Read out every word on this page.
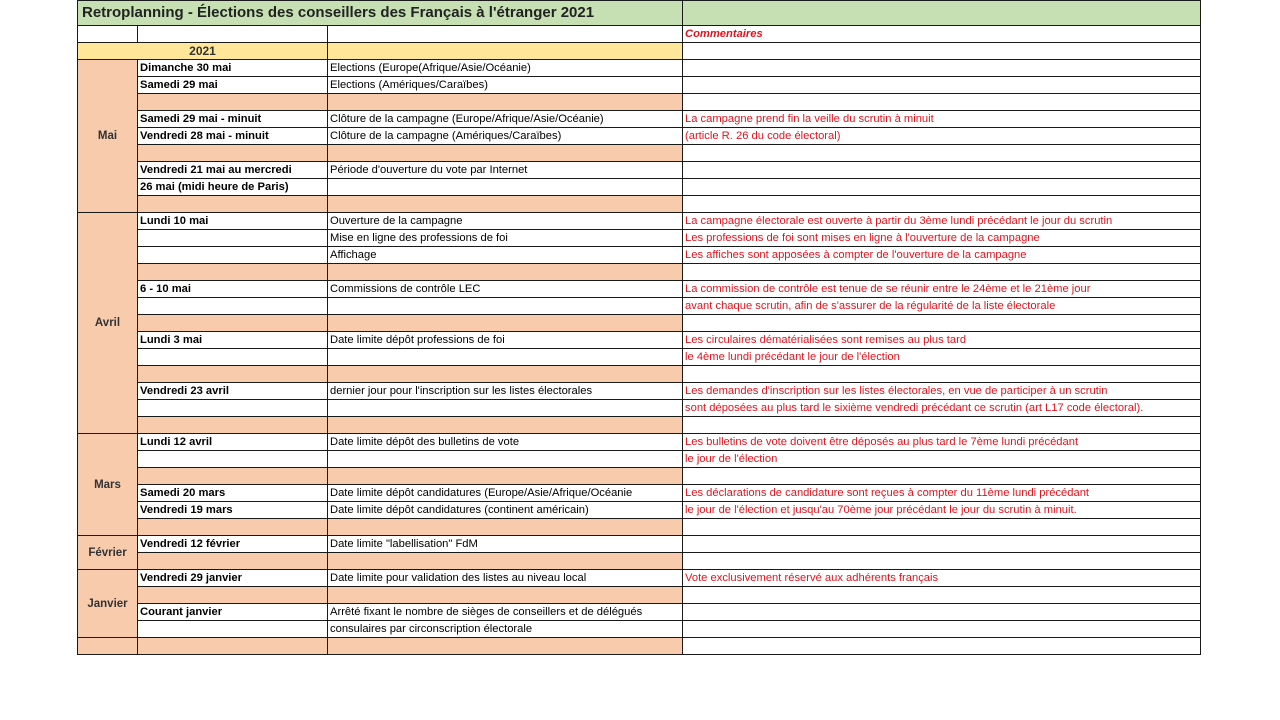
Retroplanning - Élections des conseillers des Français à l'étranger 2021			
			Commentaires
2021			
Mai	Dimanche 30 mai	Elections (Europe(Afrique/Asie/Océanie)	
	Samedi 29 mai	Elections (Amériques/Caraïbes)	

	Samedi 29 mai - minuit	Clôture de la campagne (Europe/Afrique/Asie/Océanie)	La campagne prend fin la veille du scrutin à minuit
	Vendredi 28 mai - minuit	Clôture de la campagne (Amériques/Caraïbes)	(article R. 26 du code électoral)

	Vendredi 21 mai au mercredi	Période d'ouverture du vote par Internet	
	26 mai (midi heure de Paris)		

Avril	Lundi 10 mai	Ouverture de la campagne	La campagne électorale est ouverte à partir du 3ème lundi précédant le jour du scrutin
		Mise en ligne des professions de foi	Les professions de foi sont mises en ligne à l'ouverture de la campagne
		Affichage	Les affiches sont apposées à compter de l'ouverture de la campagne

	6 - 10 mai	Commissions de contrôle LEC	La commission de contrôle est tenue de se réunir entre le 24ème et le 21ème jour
			avant chaque scrutin, afin de s'assurer de la régularité de la liste électorale

	Lundi 3 mai	Date limite dépôt professions de foi	Les circulaires dématérialisées sont remises au plus tard
			le 4ème lundi précédant le jour de l'élection

	Vendredi 23 avril	dernier jour pour l'inscription sur les listes électorales	Les demandes d'inscription sur les listes électorales, en vue de participer à un scrutin
			sont déposées au plus tard le sixième vendredi précédant ce scrutin (art L17 code électoral).

Mars	Lundi 12 avril	Date limite dépôt des bulletins de vote	Les bulletins de vote doivent être déposés au plus tard le 7ème lundi précédant
			le jour de l'élection

	Samedi 20 mars	Date limite dépôt candidatures (Europe/Asie/Afrique/Océanie	Les déclarations de candidature sont reçues à compter du 11ème lundi précédant
	Vendredi 19 mars	Date limite dépôt candidatures (continent américain)	le jour de l'élection et jusqu'au 70ème jour précédant le jour du scrutin à minuit.

Février	Vendredi 12 février	Date limite "labellisation" FdM	

Janvier	Vendredi 29 janvier	Date limite pour validation des listes au niveau local	Vote exclusivement réservé aux adhérents français

	Courant janvier	Arrêté fixant le nombre de sièges de conseillers et de délégués	
		consulaires par circonscription électorale	
